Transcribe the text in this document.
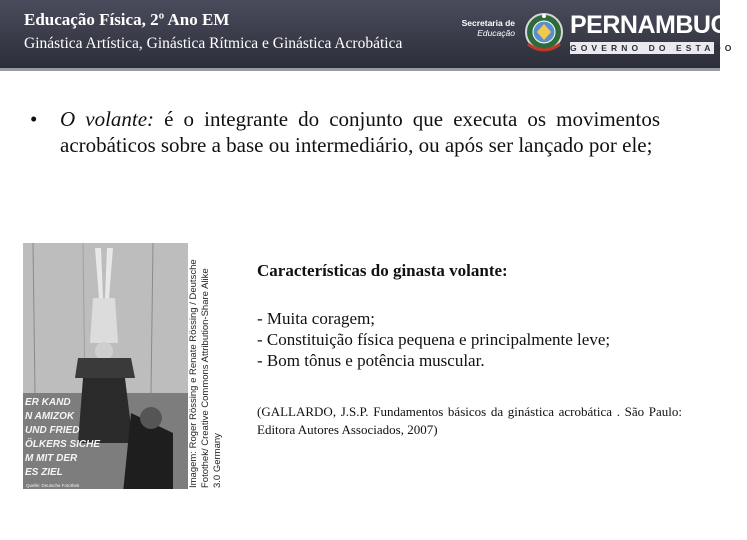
Educação Física, 2º Ano EM
Ginástica Artística, Ginástica Rítmica e Ginástica Acrobática
Secretaria de
Educação PERNAMBUCO
GOVERNO DO ESTADO
• O volante: é o integrante do conjunto que executa os movimentos acrobáticos sobre a base ou intermediário, ou após ser lançado por ele;
ER KAND
N AMIZOK
UND FRIED
ÖLKERS SICHE
M MIT DER
ES ZIEL
Quelle: Deutsche Fotothek	Imagem: Roger Rössing e Renate Rössing / Deutsche Fotothek/ Creative Commons Attribution-Share Alike 3.0 Germany
Características do ginasta volante:
- Muita coragem;
- Constituição física pequena e principalmente leve;
- Bom tônus e potência muscular.
(GALLARDO, J.S.P. Fundamentos básicos da ginástica acrobática . São Paulo: Editora Autores Associados, 2007)
